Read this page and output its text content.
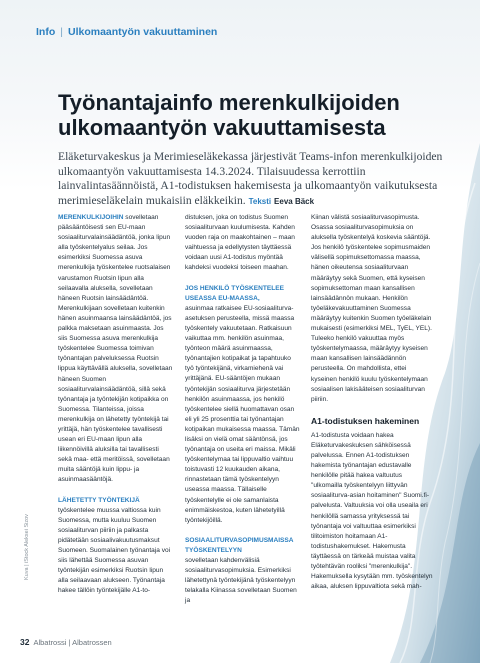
Info | Ulkomaantyön vakuuttaminen
Työnantajainfo merenkulkijoiden ulkomaantyön vakuuttamisesta

Eläketurvakeskus ja Merimieseläkekassa järjestivät Teams-infon merenkulkijoiden ulkomaantyön vakuuttamisesta 14.3.2024. Tilaisuudessa kerrottiin lainvalintasäännöistä, A1-todistuksen hakemisesta ja ulkomaantyön vaikutuksesta merimieseläkelain mukaisiin eläkkeikin. Teksti Eeva Bäck

MERENKULKIJOIHIN sovelletaan pääsääntöisesti sen EU-maan sosiaaliturvalainsäädäntöä, jonka lipun alla työskentelyalus seilaa. Jos esimerkiksi Suomessa asuva merenkulkija työskentelee ruotsalaisen varustamon Ruotsin lipun alla seilaavalla aluksella, sovelletaan häneen Ruotsin lainsäädäntöä. Merenkulkijaan sovelletaan kuitenkin hänen asuinmaansa lainsäädäntöä, jos palkka maksetaan asuinmaasta. Jos siis Suomessa asuva merenkulkija työskentelee Suomessa toimivan työnantajan palveluksessa Ruotsin lippua käyttävällä aluksella, sovelletaan häneen Suomen sosiaaliturvalainsäädäntöä, sillä sekä työnantaja ja työntekijän kotipaikka on Suomessa. Tilanteissa, joissa merenkulkija on lähetetty työntekijä tai yrittäjä, hän työskentelee tavallisesti usean eri EU-maan lipun alla liikennöivillä aluksilla tai tavallisesti sekä maa- että meritöissä, sovelletaan muita sääntöjä kuin lippu- ja asuinmaasääntöjä.

LÄHETETTY TYÖNTEKIJÄ työskentelee muussa valtiossa kuin Suomessa, mutta kuuluu Suomen sosiaaliturvan piiriin ja palkasta pidätetään sosiaalivakuutusmaksut Suomeen. Suomalainen työnantaja voi siis lähettää Suomessa asuvan työntekijän esimerkiksi Ruotsin lipun alla seilaavaan alukseen. Työnantaja hakee tällöin työntekijälle A1-to-

distuksen, joka on todistus Suomen sosiaaliturvaan kuulumisesta. Kahden vuoden raja on maakohtainen – maan vaihtuessa ja edellytysten täyttäessä voidaan uusi A1-todistus myöntää kahdeksi vuodeksi toiseen maahan.

JOS HENKILÖ TYÖSKENTELEE USEASSA EU-MAASSA,
asuinmaa ratkaisee EU-sosiaaliturva-asetuksen perusteella, missä maassa työskentely vakuutetaan. Ratkaisuun vaikuttaa mm. henkilön asuinmaa, työnteon määrä asuinmaassa, työnantajien kotipaikat ja tapahtuuko työ työntekijänä, virkamiehenä vai yrittäjänä. EU-sääntöjen mukaan työntekijän sosiaaliturva järjestetään henkilön asuinmaassa, jos henkilö työskentelee siellä huomattavan osan eli yli 25 prosenttia tai työnantajan kotipaikan mukaisessa maassa. Tämän lisäksi on vielä omat sääntönsä, jos työnantaja on useita eri maissa. Mikäli työskentelymaa tai lippuvaltio vaihtuu toistuvasti 12 kuukauden aikana, rinnastetaan tämä työskentelyyn useassa maassa. Tällaiselle työskentelylle ei ole samanlaista enimmäiskestoa, kuten lähetetyillä työntekijöillä.

SOSIAALITURVASOPIMUSMAISSA TYÖSKENTELYYN
sovelletaan kahdenvälisiä sosiaaliturvasopimuksia. Esimerkiksi lähetettynä työntekijänä työskentelyyn telakalla Kiinassa sovelletaan Suomen ja

Kiinan välistä sosiaaliturvasopimusta. Osassa sosiaaliturvasopimuksia on aluksella työskentelyä koskevia sääntöjä. Jos henkilö työskentelee sopimusmaiden välisellä sopimuksettomassa maassa, hänen oikeutensa sosiaaliturvaan määräytyy sekä Suomen, että kyseisen sopimuksettoman maan kansallisen lainsäädännön mukaan. Henkilön työeläkevakuuttaminen Suomessa määräytyy kuitenkin Suomen työeläkelain mukaisesti (esimerkiksi MEL, TyEL, YEL). Tuleeko henkilö vakuuttaa myös työskentelymaassa, määräytyy kyseisen maan kansallisen lainsäädännön perusteella. On mahdollista, ettei kyseinen henkilö kuulu työskentelymaan sosiaalisen lakisääteisen sosiaaliturvan piiriin.

A1-todistuksen hakeminen

A1-todistusta voidaan hakea Eläketurvakeskuksen sähköisessä palvelussa. Ennen A1-todistuksen hakemista työnantajan edustavalle henkilölle pitää hakea valtuutus "ulkomailla työskentelyyn liittyvän sosiaaliturva-asian hoitaminen" Suomi.fi-palvelusta. Valtuuksia voi olla useaila eri henkilöllä samassa yrityksessä tai työnantaja voi valtuuttaa esimerkiksi tilitoimiston hoitamaan A1-todistushakemukset. Hakemusta täyttäessä on tärkeää muistaa valita työtehtävän rooliksi "merenkulkija". Hakemuksella kysytään mm. työskentelyn aikaa, aluksen lippuvaltiota sekä mah-

Kuva | iStock Aleksei Sizov
32 Albatrossi | Albatrossen
